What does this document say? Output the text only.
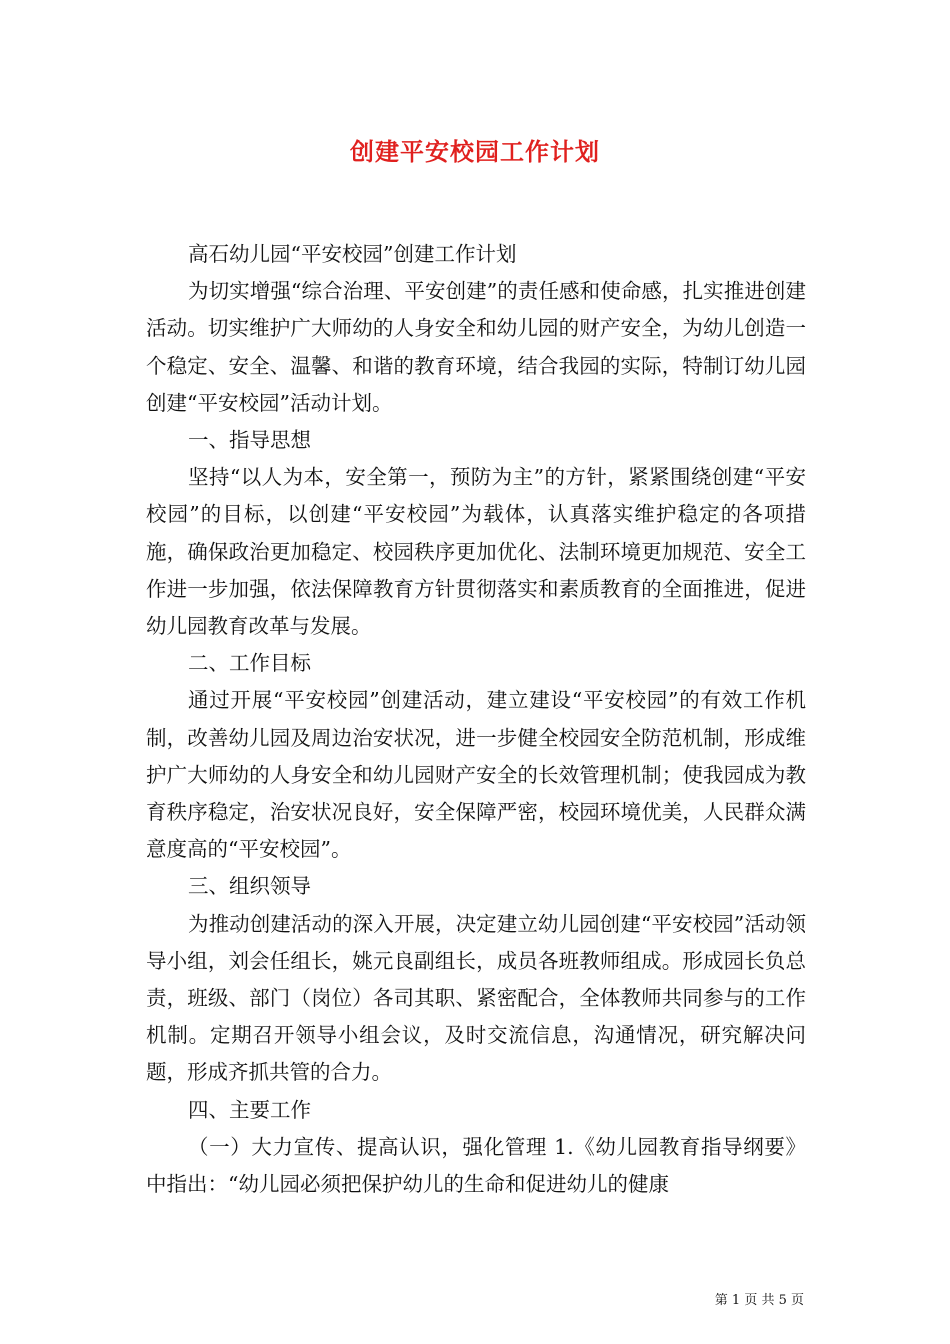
创建平安校园工作计划

高石幼儿园“平安校园”创建工作计划

为切实增强“综合治理、平安创建”的责任感和使命感，扎实推进创建活动。切实维护广大师幼的人身安全和幼儿园的财产安全，为幼儿创造一个稳定、安全、温馨、和谐的教育环境，结合我园的实际，特制订幼儿园创建“平安校园”活动计划。

一、指导思想

坚持“以人为本，安全第一，预防为主”的方针，紧紧围绕创建“平安校园”的目标，以创建“平安校园”为载体，认真落实维护稳定的各项措施，确保政治更加稳定、校园秩序更加优化、法制环境更加规范、安全工作进一步加强，依法保障教育方针贯彻落实和素质教育的全面推进，促进幼儿园教育改革与发展。

二、工作目标

通过开展“平安校园”创建活动，建立建设“平安校园”的有效工作机制，改善幼儿园及周边治安状况，进一步健全校园安全防范机制，形成维护广大师幼的人身安全和幼儿园财产安全的长效管理机制；使我园成为教育秩序稳定，治安状况良好，安全保障严密，校园环境优美，人民群众满意度高的“平安校园”。

三、组织领导

为推动创建活动的深入开展，决定建立幼儿园创建“平安校园”活动领导小组，刘会任组长，姚元良副组长，成员各班教师组成。形成园长负总责，班级、部门（岗位）各司其职、紧密配合，全体教师共同参与的工作机制。定期召开领导小组会议，及时交流信息，沟通情况，研究解决问题，形成齐抓共管的合力。

四、主要工作

（一）大力宣传、提高认识，强化管理 1.《幼儿园教育指导纲要》中指出：“幼儿园必须把保护幼儿的生命和促进幼儿的健康

第 1 页 共 5 页
